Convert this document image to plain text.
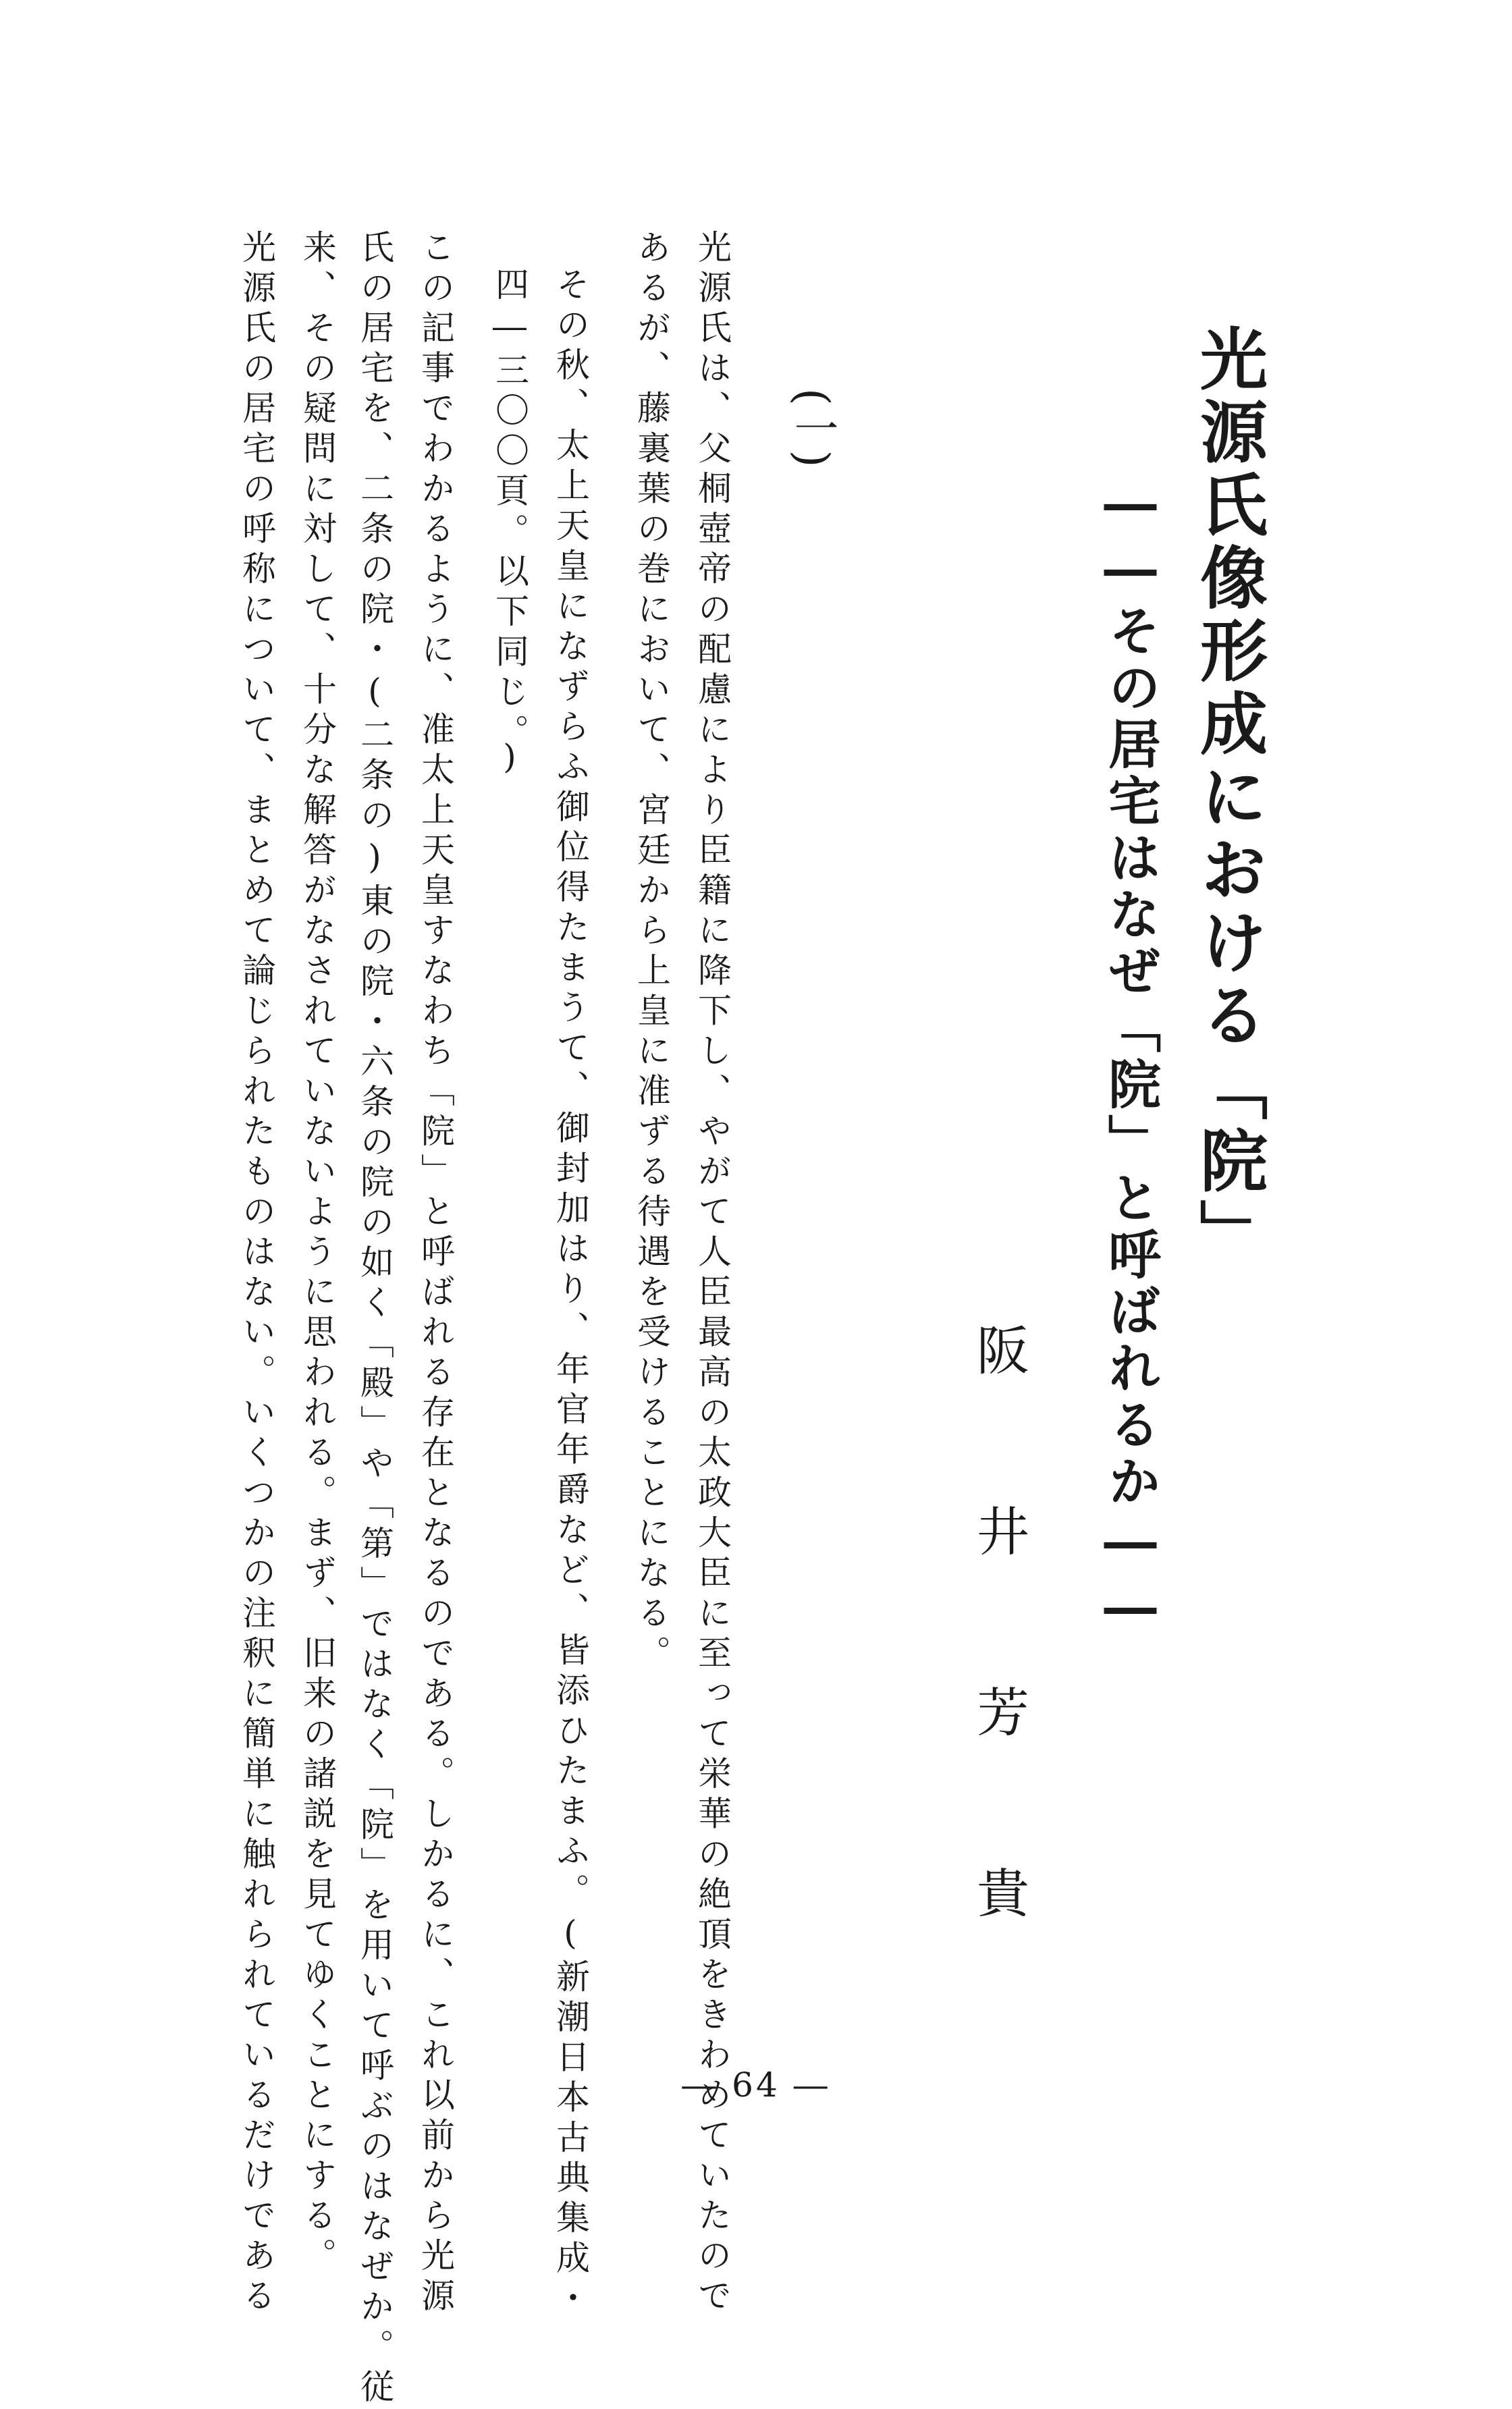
光源氏像形成における「院」
――その居宅はなぜ「院」と呼ばれるか――
阪井芳貴
(一)

光源氏は、父桐壺帝の配慮により臣籍に降下し、やがて人臣最高の太政大臣に至って栄華の絶頂をきわめていたので

あるが、藤裏葉の巻において、宮廷から上皇に准ずる待遇を受けることになる。

その秋、太上天皇になずらふ御位得たまうて、御封加はり、年官年爵など、皆添ひたまふ。(新潮日本古典集成・

四―三〇〇頁。以下同じ。)

この記事でわかるように、准太上天皇すなわち「院」と呼ばれる存在となるのである。しかるに、これ以前から光源

氏の居宅を、二条の院・(二条の)東の院・六条の院の如く「殿」や「第」ではなく「院」を用いて呼ぶのはなぜか。従

来、その疑問に対して、十分な解答がなされていないように思われる。まず、旧来の諸説を見てゆくことにする。

光源氏の居宅の呼称について、まとめて論じられたものはない。いくつかの注釈に簡単に触れられているだけである	― 64 ―
